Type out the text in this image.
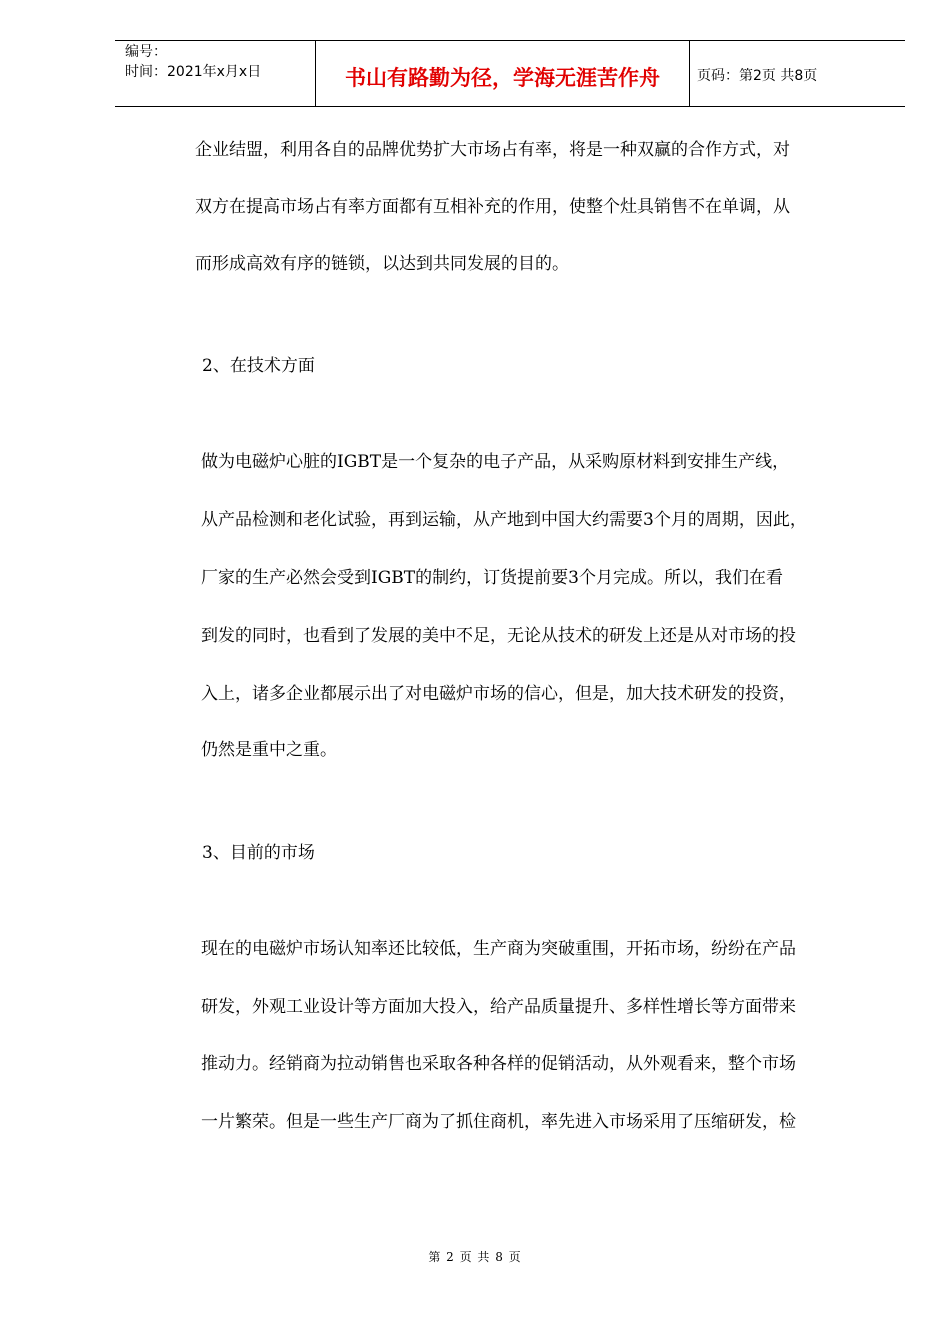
编号：
时间：2021年x月x日	书山有路勤为径，学海无涯苦作舟	页码：第2页 共8页
企业结盟，利用各自的品牌优势扩大市场占有率，将是一种双赢的合作方式，对
双方在提高市场占有率方面都有互相补充的作用，使整个灶具销售不在单调，从
而形成高效有序的链锁，以达到共同发展的目的。
2、在技术方面
做为电磁炉心脏的IGBT是一个复杂的电子产品，从采购原材料到安排生产线，
从产品检测和老化试验，再到运输，从产地到中国大约需要3个月的周期，因此，
厂家的生产必然会受到IGBT的制约，订货提前要3个月完成。所以，我们在看
到发的同时，也看到了发展的美中不足，无论从技术的研发上还是从对市场的投
入上，诸多企业都展示出了对电磁炉市场的信心，但是，加大技术研发的投资，
仍然是重中之重。
3、目前的市场
现在的电磁炉市场认知率还比较低，生产商为突破重围，开拓市场，纷纷在产品
研发，外观工业设计等方面加大投入，给产品质量提升、多样性增长等方面带来
推动力。经销商为拉动销售也采取各种各样的促销活动，从外观看来，整个市场
一片繁荣。但是一些生产厂商为了抓住商机，率先进入市场采用了压缩研发，检
第 2 页 共 8 页
